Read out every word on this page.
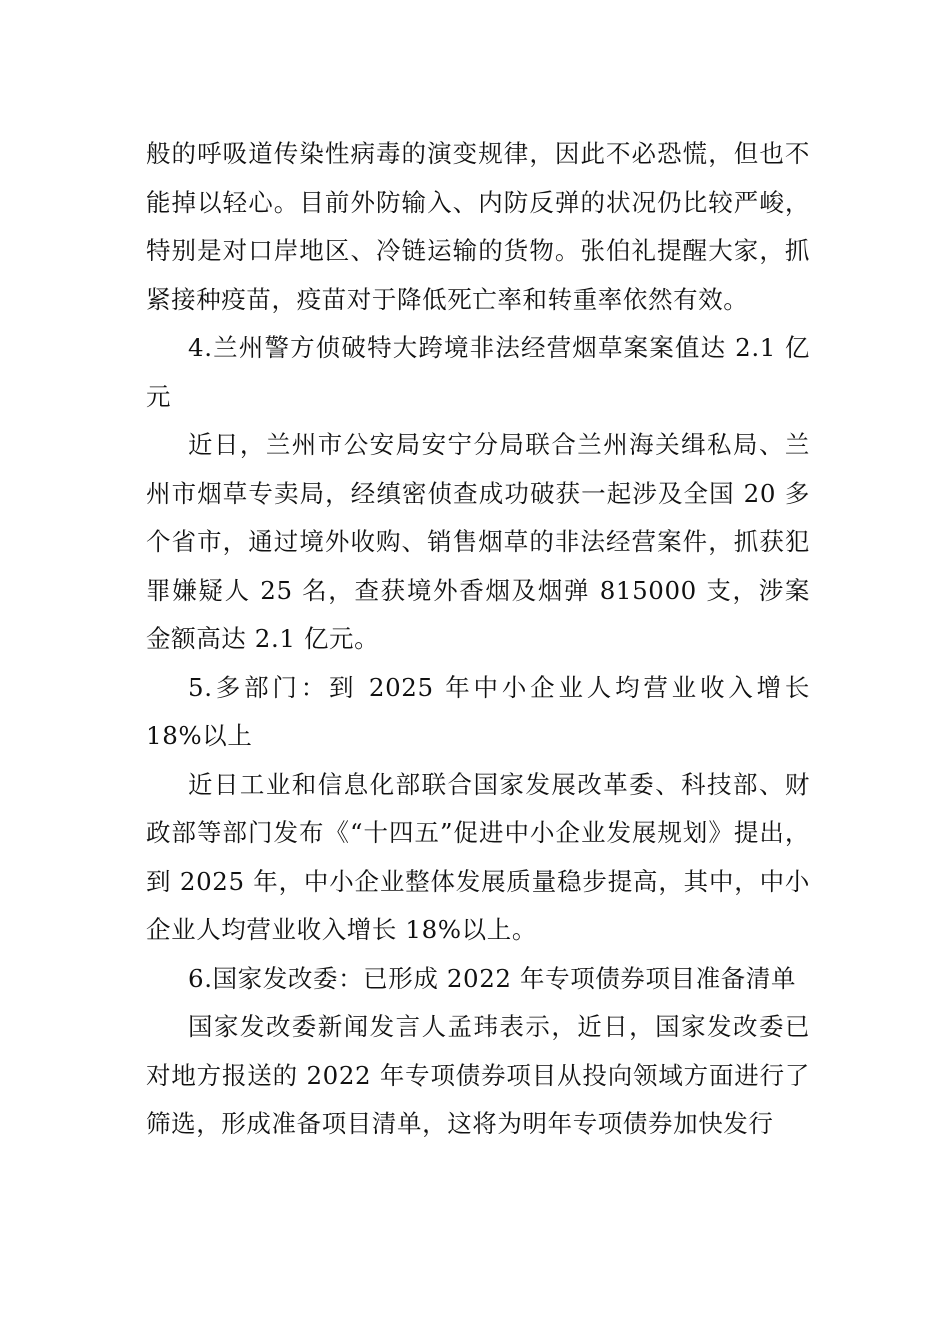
般的呼吸道传染性病毒的演变规律，因此不必恐慌，但也不能掉以轻心。目前外防输入、内防反弹的状况仍比较严峻，特别是对口岸地区、冷链运输的货物。张伯礼提醒大家，抓紧接种疫苗，疫苗对于降低死亡率和转重率依然有效。

4.兰州警方侦破特大跨境非法经营烟草案案值达 2.1 亿元

近日，兰州市公安局安宁分局联合兰州海关缉私局、兰州市烟草专卖局，经缜密侦查成功破获一起涉及全国 20 多个省市，通过境外收购、销售烟草的非法经营案件，抓获犯罪嫌疑人 25 名，查获境外香烟及烟弹 815000 支，涉案金额高达 2.1 亿元。

5.多部门：到 2025 年中小企业人均营业收入增长 18%以上

近日工业和信息化部联合国家发展改革委、科技部、财政部等部门发布《“十四五”促进中小企业发展规划》提出，到 2025 年，中小企业整体发展质量稳步提高，其中，中小企业人均营业收入增长 18%以上。

6.国家发改委：已形成 2022 年专项债券项目准备清单

国家发改委新闻发言人孟玮表示，近日，国家发改委已对地方报送的 2022 年专项债券项目从投向领域方面进行了筛选，形成准备项目清单，这将为明年专项债券加快发行
